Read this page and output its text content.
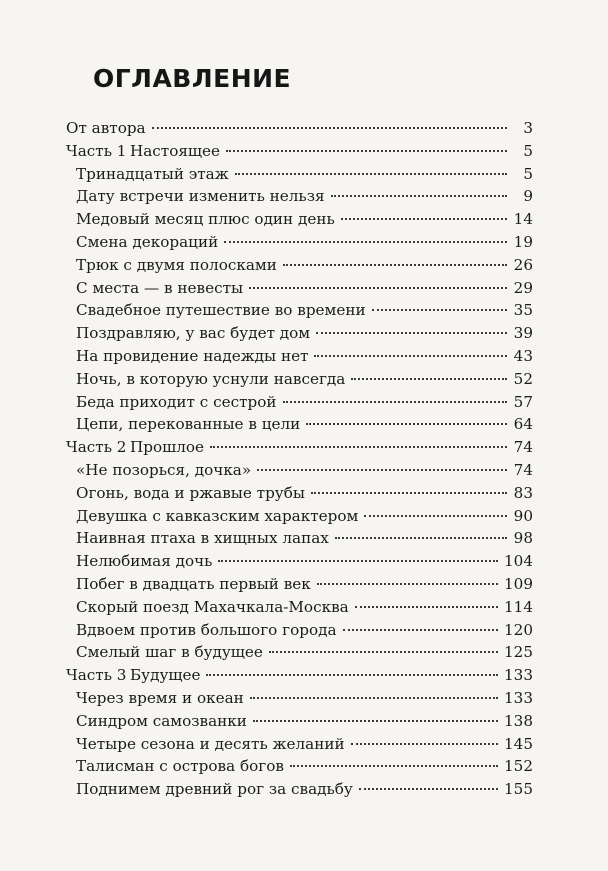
ОГЛАВЛЕНИЕ
От автора	3
Часть 1 Настоящее	5
Тринадцатый этаж	5
Дату встречи изменить нельзя	9
Медовый месяц плюс один день	14
Смена декораций	19
Трюк с двумя полосками	26
С места — в невесты	29
Свадебное путешествие во времени	35
Поздравляю, у вас будет дом	39
На провидение надежды нет	43
Ночь, в которую уснули навсегда	52
Беда приходит с сестрой	57
Цепи, перекованные в цели	64
Часть 2 Прошлое	74
«Не позорься, дочка»	74
Огонь, вода и ржавые трубы	83
Девушка с кавказским характером	90
Наивная птаха в хищных лапах	98
Нелюбимая дочь	104
Побег в двадцать первый век	109
Скорый поезд Махачкала-Москва	114
Вдвоем против большого города	120
Смелый шаг в будущее	125
Часть 3 Будущее	133
Через время и океан	133
Синдром самозванки	138
Четыре сезона и десять желаний	145
Талисман с острова богов	152
Поднимем древний рог за свадьбу	155
